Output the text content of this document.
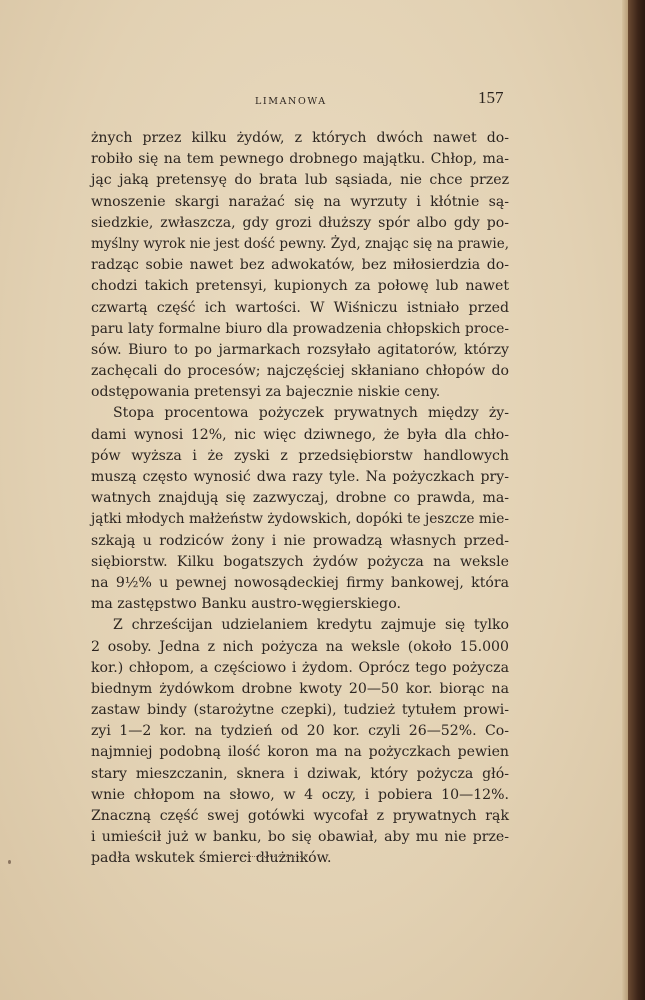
LIMANOWA	157
żnych przez kilku żydów, z których dwóch nawet do-
robiło się na tem pewnego drobnego majątku. Chłop, ma-
jąc jaką pretensyę do brata lub sąsiada, nie chce przez
wnoszenie skargi narażać się na wyrzuty i kłótnie są-
siedzkie, zwłaszcza, gdy grozi dłuższy spór albo gdy po-
myślny wyrok nie jest dość pewny. Żyd, znając się na prawie,
radząc sobie nawet bez adwokatów, bez miłosierdzia do-
chodzi takich pretensyi, kupionych za połowę lub nawet
czwartą część ich wartości. W Wiśniczu istniało przed
paru laty formalne biuro dla prowadzenia chłopskich proce-
sów. Biuro to po jarmarkach rozsyłało agitatorów, którzy
zachęcali do procesów; najczęściej skłaniano chłopów do
odstępowania pretensyi za bajecznie niskie ceny.
Stopa procentowa pożyczek prywatnych między ży-
dami wynosi 12%, nic więc dziwnego, że była dla chło-
pów wyższa i że zyski z przedsiębiorstw handlowych
muszą często wynosić dwa razy tyle. Na pożyczkach pry-
watnych znajdują się zazwyczaj, drobne co prawda, ma-
jątki młodych małżeństw żydowskich, dopóki te jeszcze mie-
szkają u rodziców żony i nie prowadzą własnych przed-
siębiorstw. Kilku bogatszych żydów pożycza na weksle
na 9½% u pewnej nowosądeckiej firmy bankowej, która
ma zastępstwo Banku austro-węgierskiego.
Z chrześcijan udzielaniem kredytu zajmuje się tylko
2 osoby. Jedna z nich pożycza na weksle (około 15.000
kor.) chłopom, a częściowo i żydom. Oprócz tego pożycza
biednym żydówkom drobne kwoty 20—50 kor. biorąc na
zastaw bindy (starożytne czepki), tudzież tytułem prowi-
zyi 1—2 kor. na tydzień od 20 kor. czyli 26—52%. Co-
najmniej podobną ilość koron ma na pożyczkach pewien
stary mieszczanin, sknera i dziwak, który pożycza głó-
wnie chłopom na słowo, w 4 oczy, i pobiera 10—12%.
Znaczną część swej gotówki wycofał z prywatnych rąk
i umieścił już w banku, bo się obawiał, aby mu nie prze-
padła wskutek śmierci dłużników.
